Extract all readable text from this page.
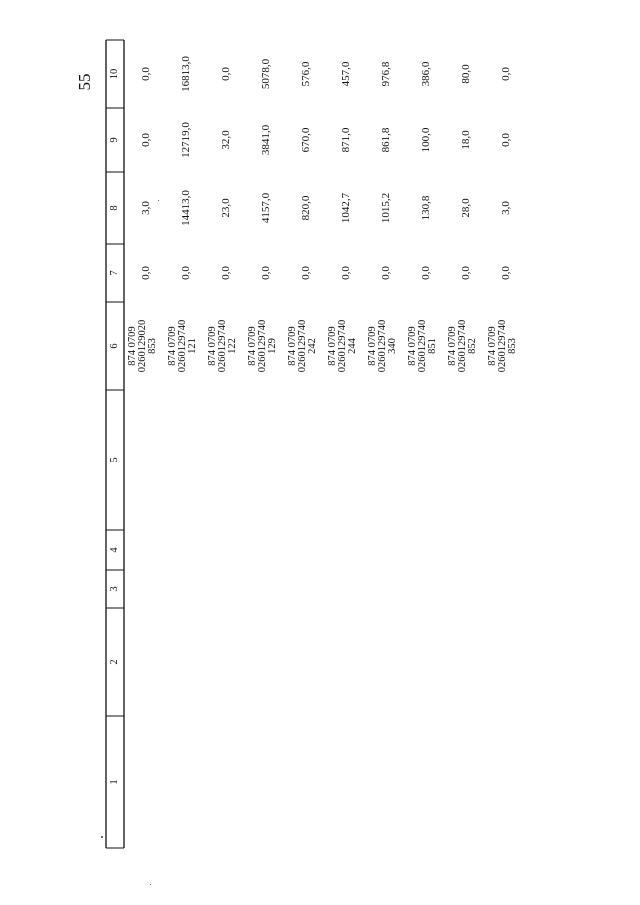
55
1
2
3
4
5
6
7
8
9
10
874 0709 0260129020 853
0,0
3,0
0,0
0,0
874 0709 0260129740 121
0,0
14413,0
12719,0
16813,0
874 0709 0260129740 122
0,0
23,0
32,0
0,0
874 0709 0260129740 129
0,0
4157,0
3841,0
5078,0
874 0709 0260129740 242
0,0
820,0
670,0
576,0
874 0709 0260129740 244
0,0
1042,7
871,0
457,0
874 0709 0260129740 340
0,0
1015,2
861,8
976,8
874 0709 0260129740 851
0,0
130,8
100,0
386,0
874 0709 0260129740 852
0,0
28,0
18,0
80,0
874 0709 0260129740 853
0,0
3,0
0,0
0,0
